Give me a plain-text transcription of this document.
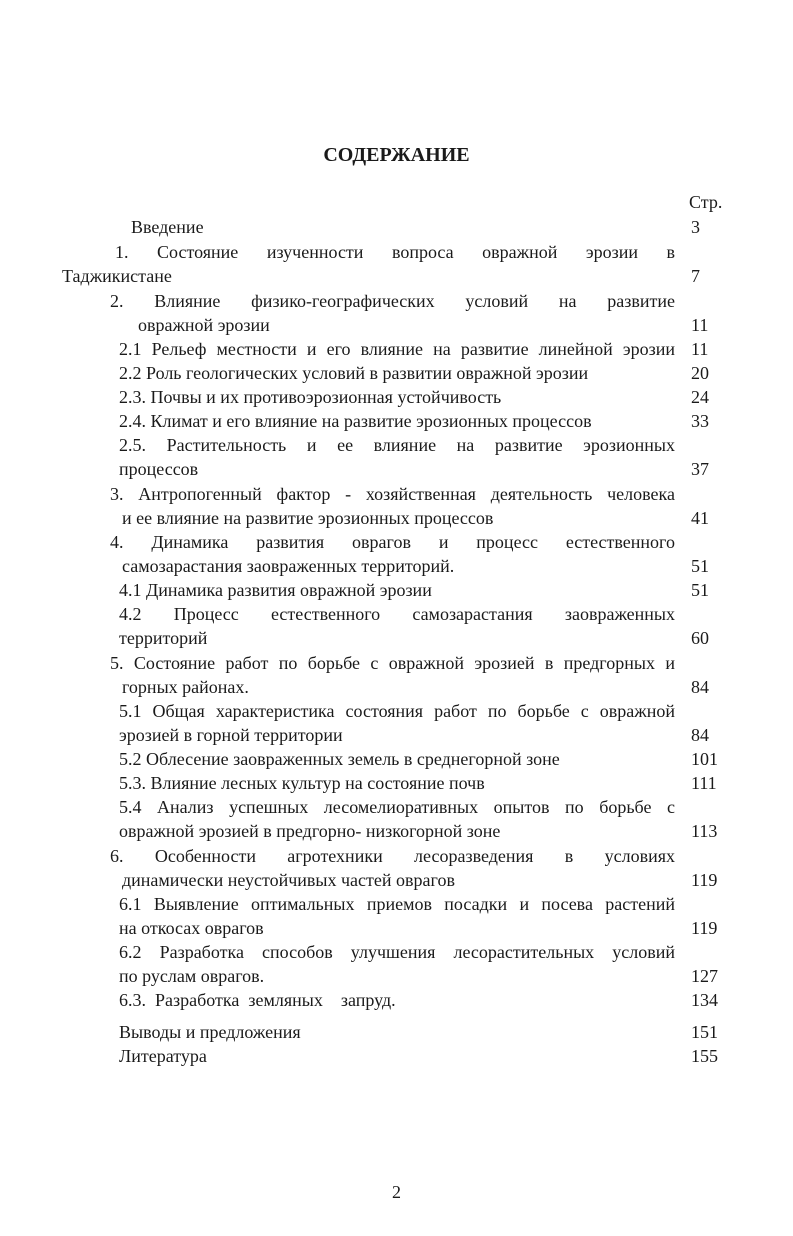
СОДЕРЖАНИЕ
Стр.
Введение	3
1. Состояние изученности вопроса овражной эрозии в
Таджикистане	7
2. Влияние физико-географических условий на развитие
овражной эрозии	11
2.1 Рельеф местности и его влияние на развитие линейной эрозии 11
2.2 Роль геологических условий в развитии овражной эрозии	20
2.3. Почвы и их противоэрозионная устойчивость	24
2.4. Климат и его влияние на развитие эрозионных процессов	33
2.5. Растительность и ее влияние на развитие эрозионных
процессов	37
3. Антропогенный фактор - хозяйственная деятельность человека
и ее влияние на развитие эрозионных процессов	41
4. Динамика развития оврагов и процесс естественного
самозарастания заовраженных территорий.	51
4.1 Динамика развития овражной эрозии	51
4.2 Процесс естественного самозарастания заовраженных
территорий	60
5. Состояние работ по борьбе с овражной эрозией в предгорных и
горных районах.	84
5.1 Общая характеристика состояния работ по борьбе с овражной
эрозией в горной территории	84
5.2 Облесение заовраженных земель в среднегорной зоне	101
5.3. Влияние лесных культур на состояние почв	111
5.4 Анализ успешных лесомелиоративных опытов по борьбе с
овражной эрозией в предгорно- низкогорной зоне	113
6. Особенности агротехники лесоразведения в условиях
динамически неустойчивых частей оврагов	119
6.1 Выявление оптимальных приемов посадки и посева растений
на откосах оврагов	119
6.2 Разработка способов улучшения лесорастительных условий
по руслам оврагов.	127
6.3.  Разработка  земляных    запруд.	134
Выводы и предложения	151
Литература	155
2
